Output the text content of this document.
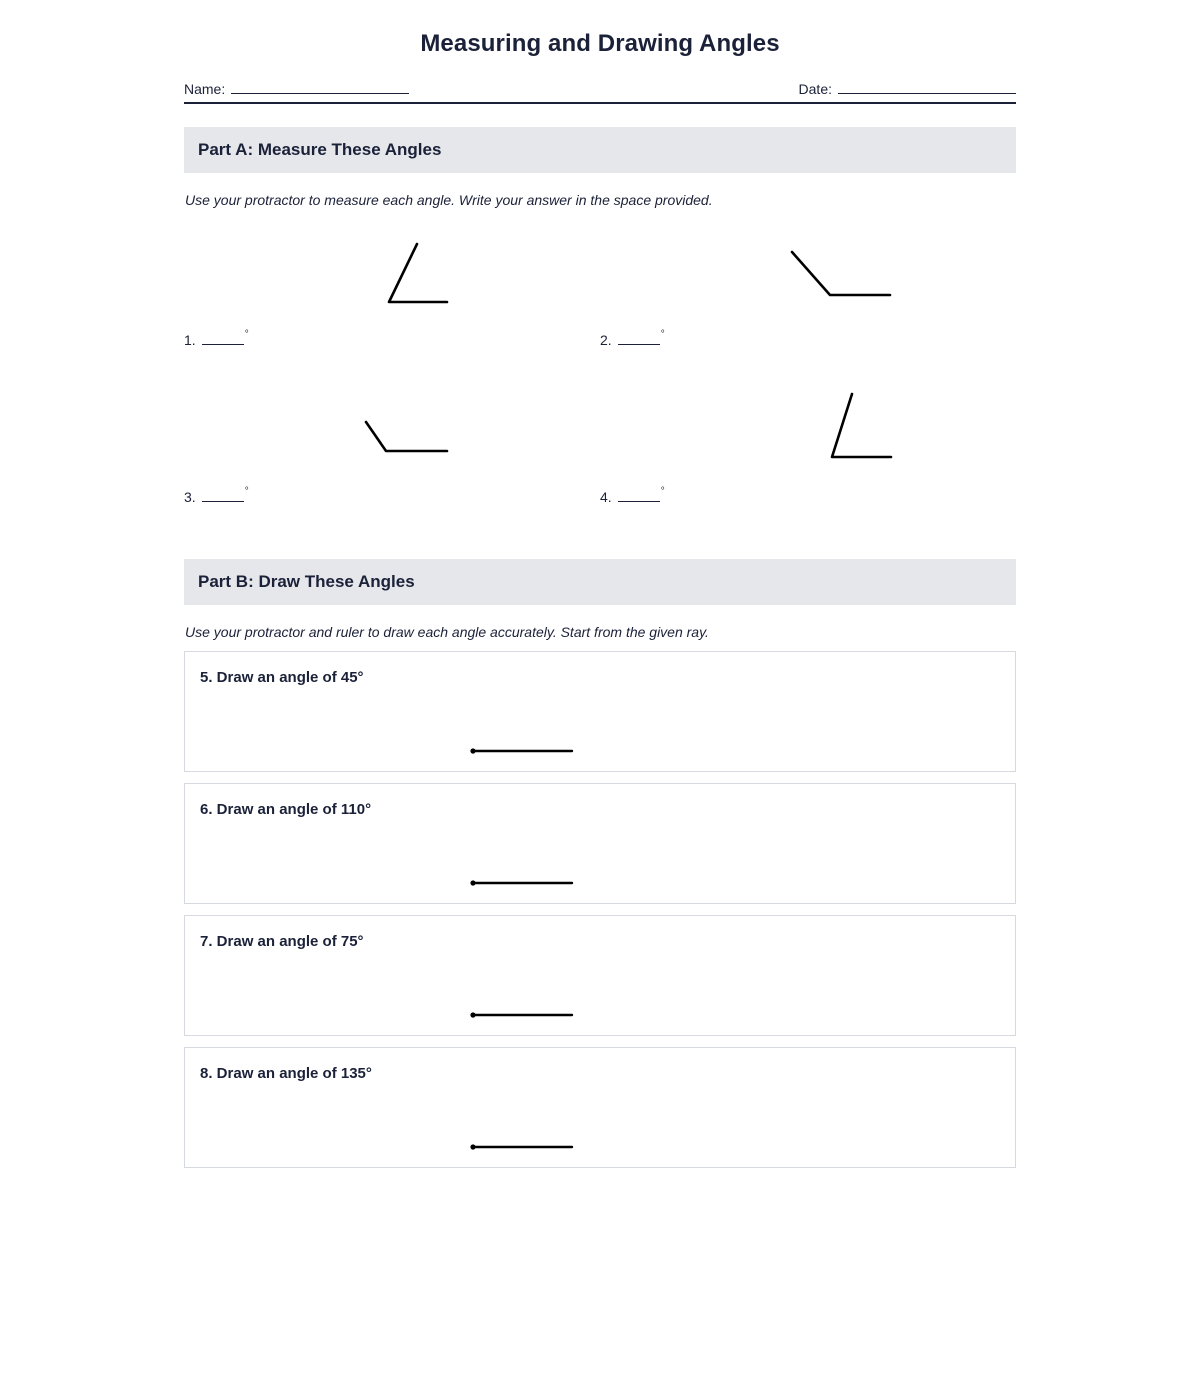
Measuring and Drawing Angles
Name:	Date:
Part A: Measure These Angles
Use your protractor to measure each angle. Write your answer in the space provided.
1.	°	2.	°
3.	°	4.	°
Part B: Draw These Angles
Use your protractor and ruler to draw each angle accurately. Start from the given ray.
5. Draw an angle of 45°
6. Draw an angle of 110°
7. Draw an angle of 75°
8. Draw an angle of 135°
